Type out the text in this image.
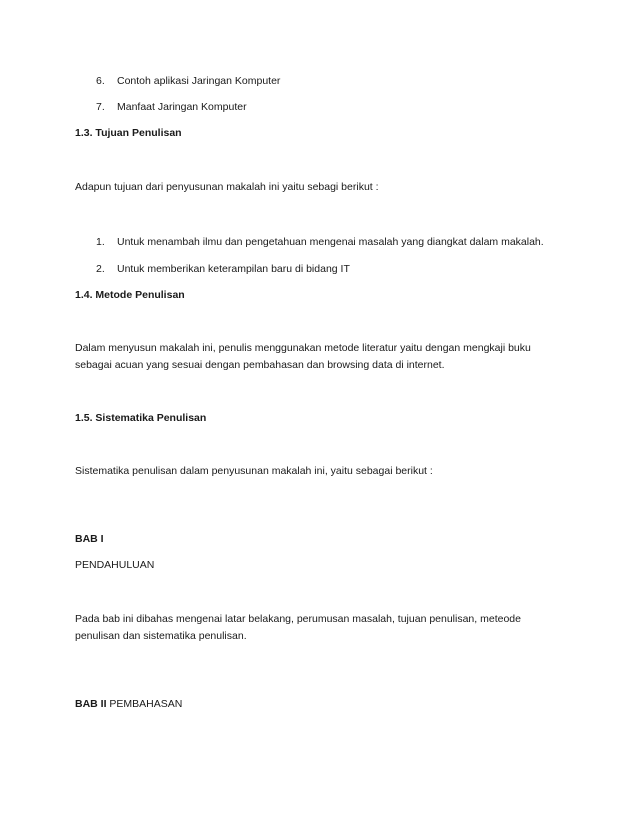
6. Contoh aplikasi Jaringan Komputer
7. Manfaat Jaringan Komputer
1.3. Tujuan Penulisan
Adapun tujuan dari penyusunan makalah ini yaitu sebagi berikut :
1. Untuk menambah ilmu dan pengetahuan mengenai masalah yang diangkat dalam makalah.
2. Untuk memberikan keterampilan baru di bidang IT
1.4. Metode Penulisan
Dalam menyusun makalah ini, penulis menggunakan metode literatur yaitu dengan mengkaji buku
sebagai acuan yang sesuai dengan pembahasan dan browsing data di internet.
1.5. Sistematika Penulisan
Sistematika penulisan dalam penyusunan makalah ini, yaitu sebagai berikut :
BAB I
PENDAHULUAN
Pada bab ini dibahas mengenai latar belakang, perumusan masalah, tujuan penulisan, meteode
penulisan dan sistematika penulisan.
BAB II PEMBAHASAN
